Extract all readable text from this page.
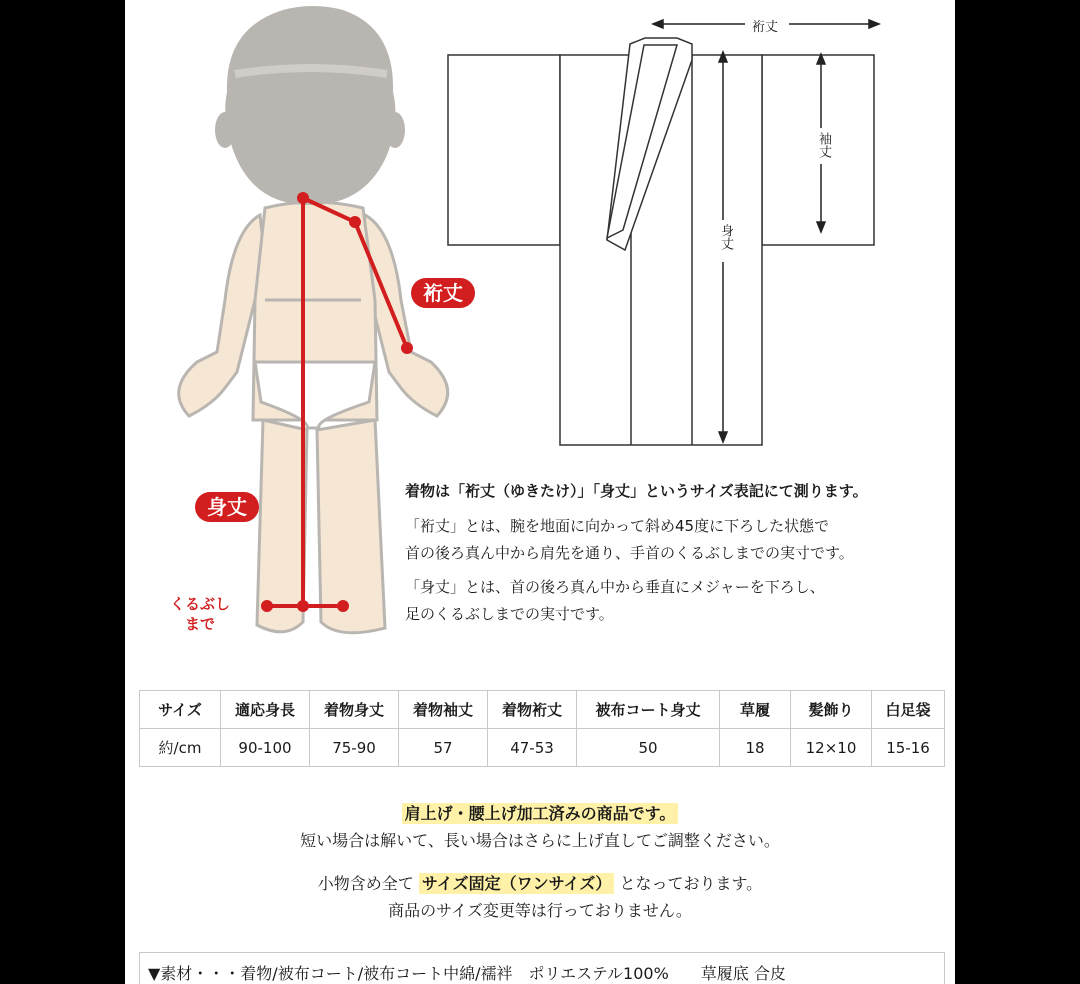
裄丈
袖丈
身丈
裄丈
身丈
くるぶし
まで

着物は「裄丈（ゆきたけ）」「身丈」というサイズ表記にて測ります。

「裄丈」とは、腕を地面に向かって斜め45度に下ろした状態で
首の後ろ真ん中から肩先を通り、手首のくるぶしまでの実寸です。

「身丈」とは、首の後ろ真ん中から垂直にメジャーを下ろし、
足のくるぶしまでの実寸です。

サイズ	適応身長	着物身丈	着物袖丈	着物裄丈	被布コート身丈	草履	髪飾り	白足袋
約/cm	90-100	75-90	57	47-53	50	18	12×10	15-16
肩上げ・腰上げ加工済みの商品です。
短い場合は解いて、長い場合はさらに上げ直してご調整ください。
小物含め全て サイズ固定（ワンサイズ） となっております。
商品のサイズ変更等は行っておりません。
▼素材・・・着物/被布コート/被布コート中綿/襦袢　ポリエステル100%　　草履底 合皮
